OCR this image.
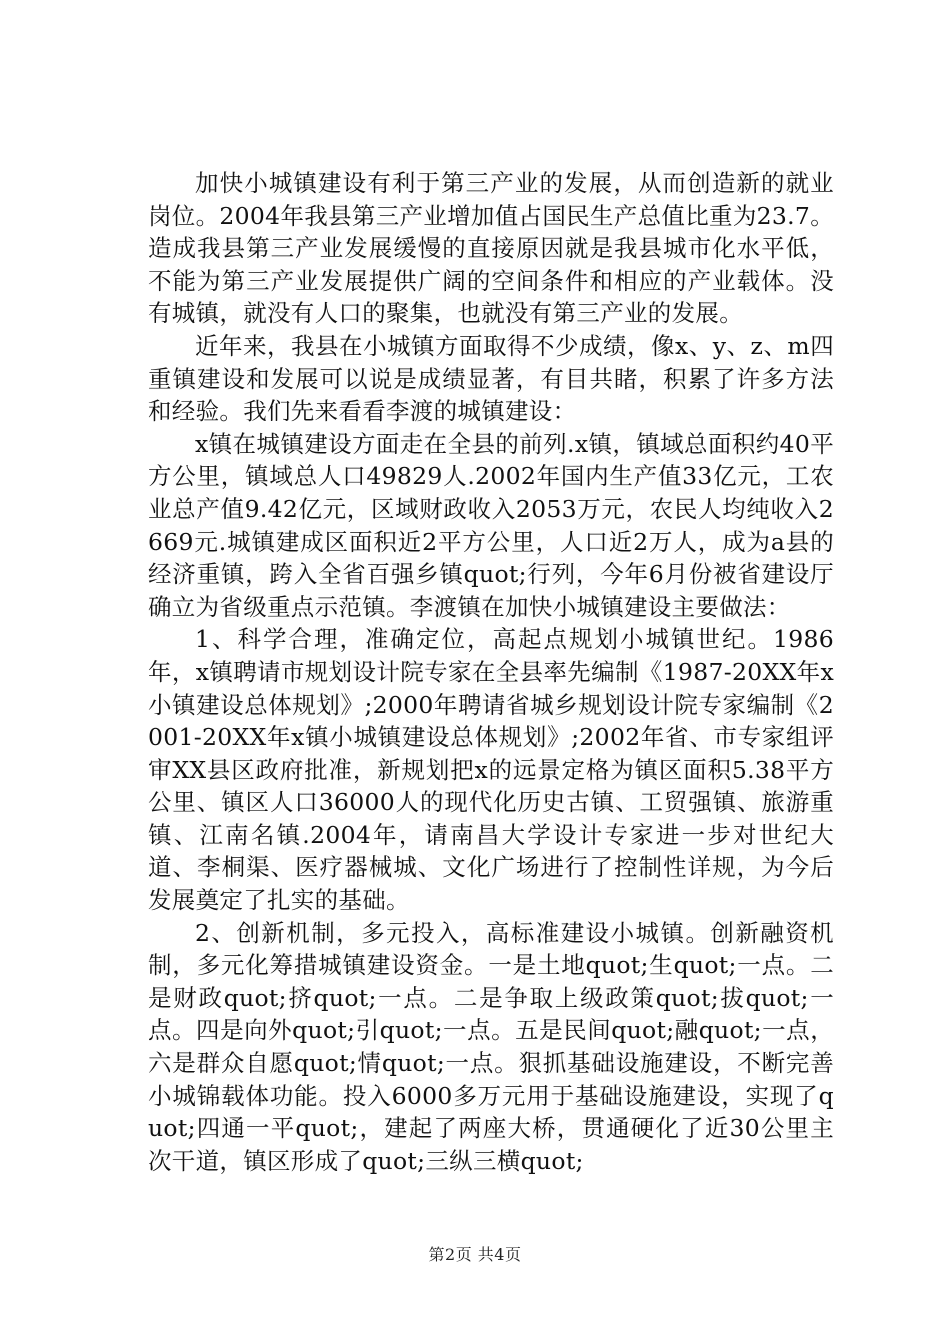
加快小城镇建设有利于第三产业的发展，从而创造新的就业岗位。2004年我县第三产业增加值占国民生产总值比重为23.7。造成我县第三产业发展缓慢的直接原因就是我县城市化水平低，不能为第三产业发展提供广阔的空间条件和相应的产业载体。没有城镇，就没有人口的聚集，也就没有第三产业的发展。

近年来，我县在小城镇方面取得不少成绩，像x、y、z、m四重镇建设和发展可以说是成绩显著，有目共睹，积累了许多方法和经验。我们先来看看李渡的城镇建设：

x镇在城镇建设方面走在全县的前列.x镇，镇域总面积约40平方公里，镇域总人口49829人.2002年国内生产值33亿元，工农业总产值9.42亿元，区域财政收入2053万元，农民人均纯收入2669元.城镇建成区面积近2平方公里，人口近2万人，成为a县的经济重镇，跨入全省百强乡镇quot;行列，今年6月份被省建设厅确立为省级重点示范镇。李渡镇在加快小城镇建设主要做法：

1、科学合理，准确定位，高起点规划小城镇世纪。1986年，x镇聘请市规划设计院专家在全县率先编制《1987-20XX年x小镇建设总体规划》;2000年聘请省城乡规划设计院专家编制《2001-20XX年x镇小城镇建设总体规划》;2002年省、市专家组评审XX县区政府批准，新规划把x的远景定格为镇区面积5.38平方公里、镇区人口36000人的现代化历史古镇、工贸强镇、旅游重镇、江南名镇.2004年，请南昌大学设计专家进一步对世纪大道、李桐渠、医疗器械城、文化广场进行了控制性详规，为今后发展奠定了扎实的基础。

2、创新机制，多元投入，高标准建设小城镇。创新融资机制，多元化筹措城镇建设资金。一是土地quot;生quot;一点。二是财政quot;挤quot;一点。二是争取上级政策quot;拔quot;一点。四是向外quot;引quot;一点。五是民间quot;融quot;一点，六是群众自愿quot;情quot;一点。狠抓基础设施建设，不断完善小城锦载体功能。投入6000多万元用于基础设施建设，实现了quot;四通一平quot;，建起了两座大桥，贯通硬化了近30公里主次干道，镇区形成了quot;三纵三横quot;

第2页 共4页
